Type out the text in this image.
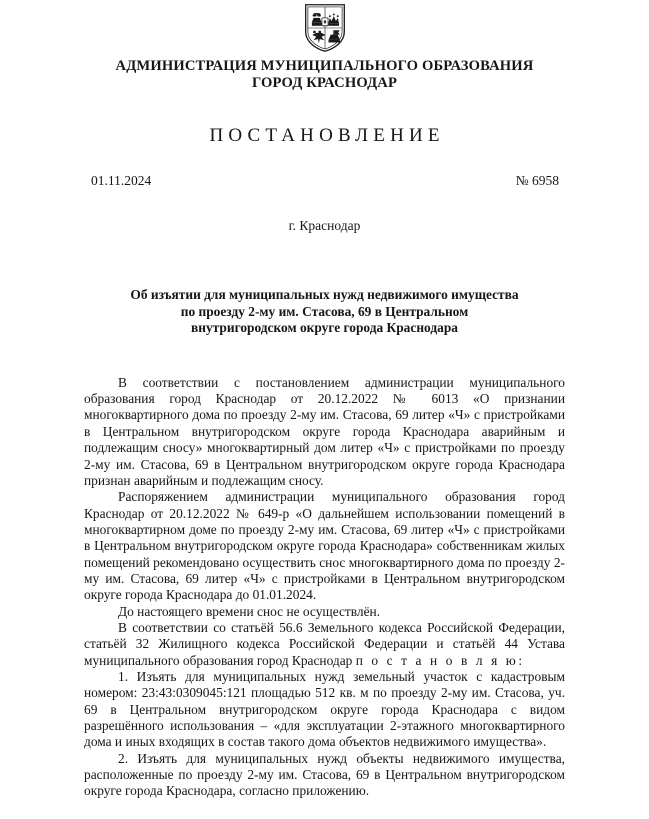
АДМИНИСТРАЦИЯ МУНИЦИПАЛЬНОГО ОБРАЗОВАНИЯ
ГОРОД КРАСНОДАР
ПОСТАНОВЛЕНИЕ
01.11.2024	№ 6958
г. Краснодар
Об изъятии для муниципальных нужд недвижимого имущества
по проезду 2-му им. Стасова, 69 в Центральном
внутригородском округе города Краснодара

В соответствии с постановлением администрации муниципального образования город Краснодар от 20.12.2022 № 6013 «О признании многоквартирного дома по проезду 2-му им. Стасова, 69 литер «Ч» с пристройками в Центральном внутригородском округе города Краснодара аварийным и подлежащим сносу» многоквартирный дом литер «Ч» с пристройками по проезду 2-му им. Стасова, 69 в Центральном внутригородском округе города Краснодара признан аварийным и подлежащим сносу.

Распоряжением администрации муниципального образования город Краснодар от 20.12.2022 № 649-р «О дальнейшем использовании помещений в многоквартирном доме по проезду 2-му им. Стасова, 69 литер «Ч» с пристройками в Центральном внутригородском округе города Краснодара» собственникам жилых помещений рекомендовано осуществить снос многоквартирного дома по проезду 2-му им. Стасова, 69 литер «Ч» с пристройками в Центральном внутригородском округе города Краснодара до 01.01.2024.

До настоящего времени снос не осуществлён.

В соответствии со статьёй 56.6 Земельного кодекса Российской Федерации, статьёй 32 Жилищного кодекса Российской Федерации и статьёй 44 Устава муниципального образования город Краснодар п о с т а н о в л я ю:

1. Изъять для муниципальных нужд земельный участок с кадастровым номером: 23:43:0309045:121 площадью 512 кв. м по проезду 2-му им. Стасова, уч. 69 в Центральном внутригородском округе города Краснодара с видом разрешённого использования – «для эксплуатации 2-этажного многоквартирного дома и иных входящих в состав такого дома объектов недвижимого имущества».

2. Изъять для муниципальных нужд объекты недвижимого имущества, расположенные по проезду 2-му им. Стасова, 69 в Центральном внутригородском округе города Краснодара, согласно приложению.
